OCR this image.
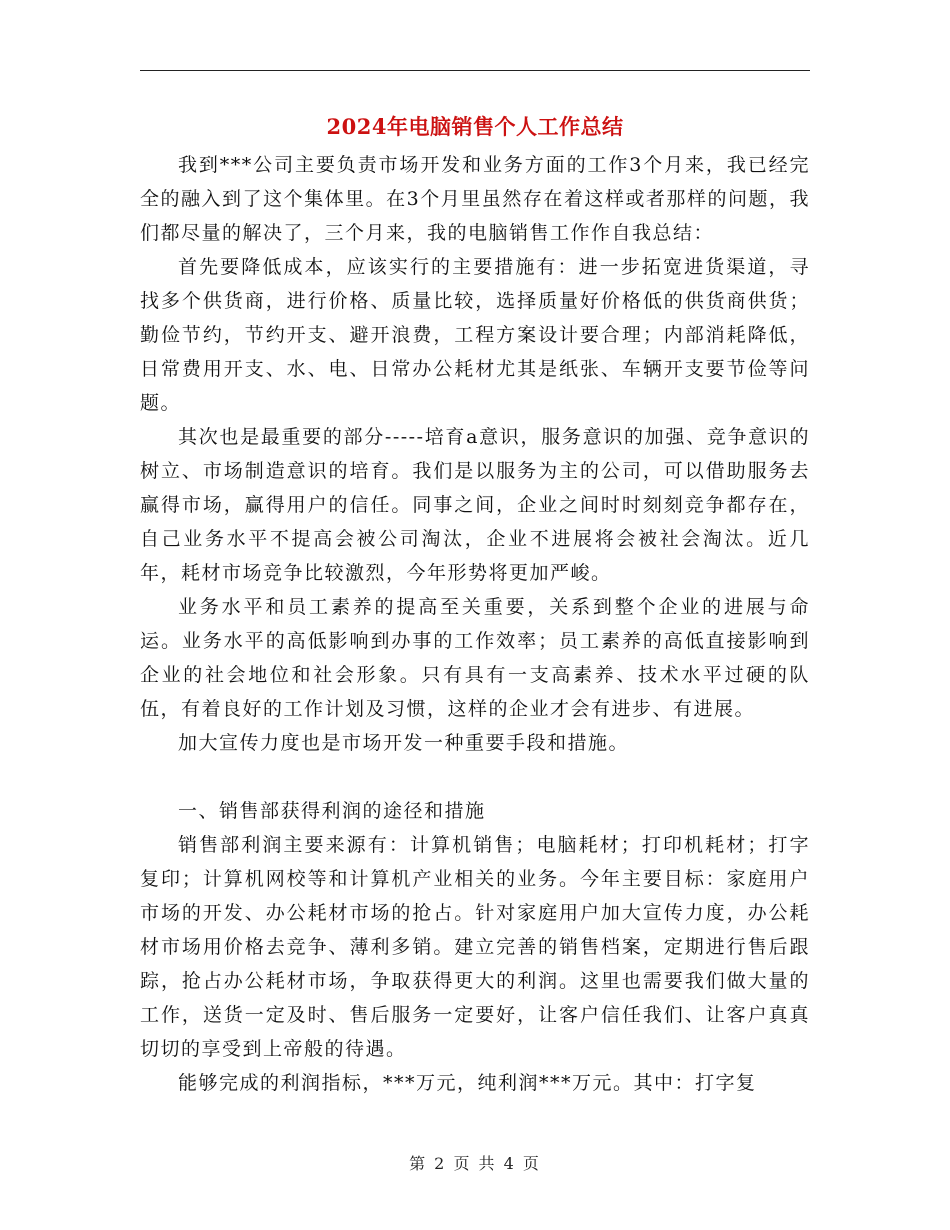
2024年电脑销售个人工作总结

我到***公司主要负责市场开发和业务方面的工作3个月来，我已经完全的融入到了这个集体里。在3个月里虽然存在着这样或者那样的问题，我们都尽量的解决了，三个月来，我的电脑销售工作作自我总结：

首先要降低成本，应该实行的主要措施有：进一步拓宽进货渠道，寻找多个供货商，进行价格、质量比较，选择质量好价格低的供货商供货；勤俭节约，节约开支、避开浪费，工程方案设计要合理；内部消耗降低，日常费用开支、水、电、日常办公耗材尤其是纸张、车辆开支要节俭等问题。

其次也是最重要的部分-----培育a意识，服务意识的加强、竞争意识的树立、市场制造意识的培育。我们是以服务为主的公司，可以借助服务去赢得市场，赢得用户的信任。同事之间，企业之间时时刻刻竞争都存在，自己业务水平不提高会被公司淘汰，企业不进展将会被社会淘汰。近几年，耗材市场竞争比较激烈，今年形势将更加严峻。

业务水平和员工素养的提高至关重要，关系到整个企业的进展与命运。业务水平的高低影响到办事的工作效率；员工素养的高低直接影响到企业的社会地位和社会形象。只有具有一支高素养、技术水平过硬的队伍，有着良好的工作计划及习惯，这样的企业才会有进步、有进展。

加大宣传力度也是市场开发一种重要手段和措施。

一、销售部获得利润的途径和措施

销售部利润主要来源有：计算机销售；电脑耗材；打印机耗材；打字复印；计算机网校等和计算机产业相关的业务。今年主要目标：家庭用户市场的开发、办公耗材市场的抢占。针对家庭用户加大宣传力度，办公耗材市场用价格去竞争、薄利多销。建立完善的销售档案，定期进行售后跟踪，抢占办公耗材市场，争取获得更大的利润。这里也需要我们做大量的工作，送货一定及时、售后服务一定要好，让客户信任我们、让客户真真切切的享受到上帝般的待遇。

能够完成的利润指标，***万元，纯利润***万元。其中：打字复

第 2 页 共 4 页
